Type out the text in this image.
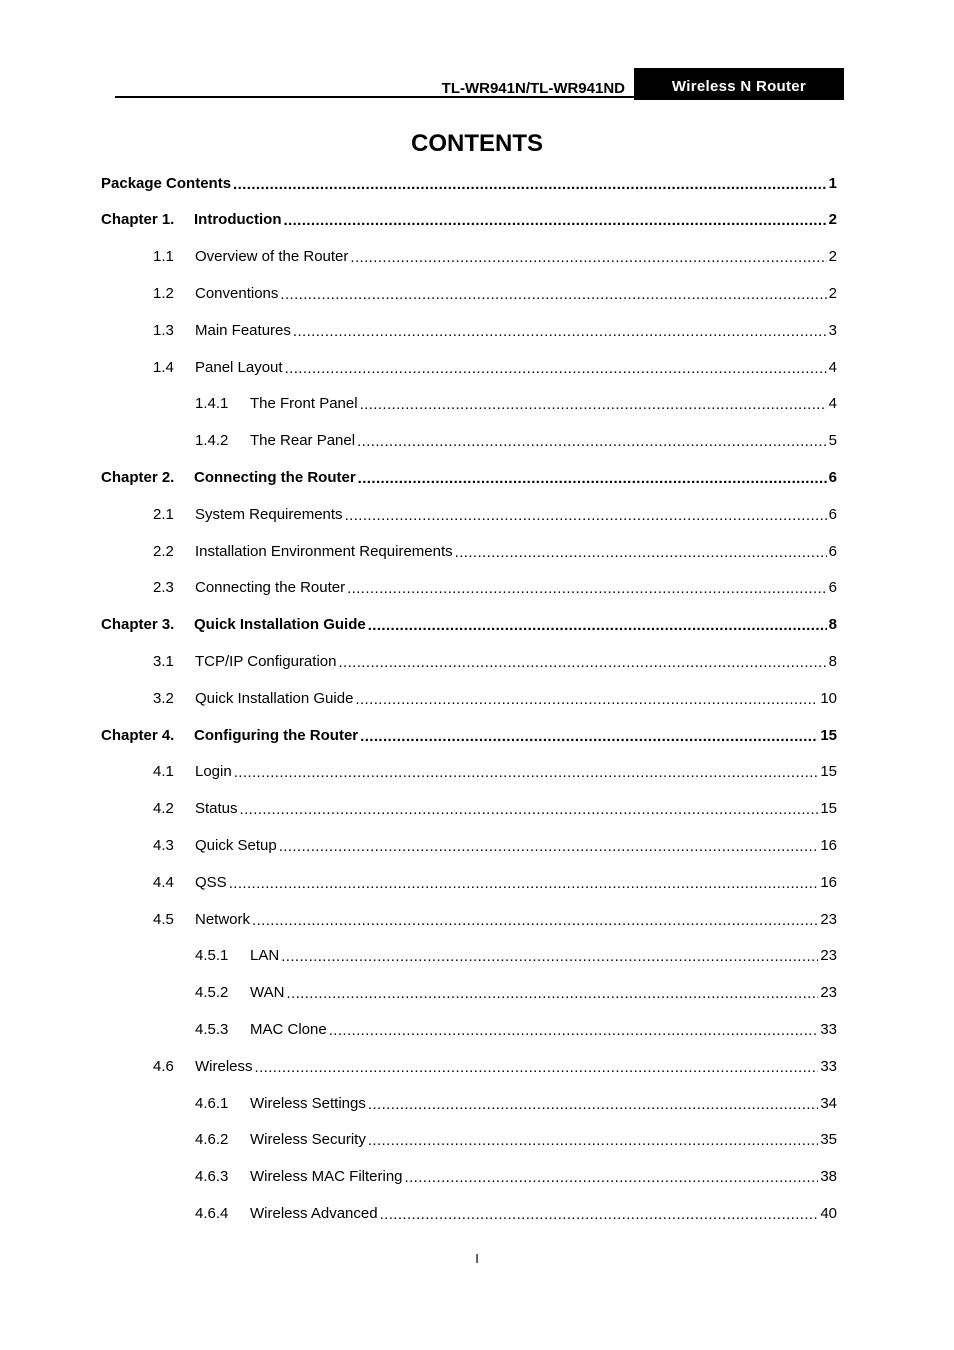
TL-WR941N/TL-WR941ND	Wireless N Router
CONTENTS
Package Contents .....	1
Chapter 1.	Introduction .....	2
1.1	Overview of the Router .....	2
1.2	Conventions .....	2
1.3	Main Features .....	3
1.4	Panel Layout .....	4
1.4.1	The Front Panel .....	4
1.4.2	The Rear Panel .....	5
Chapter 2.	Connecting the Router .....	6
2.1	System Requirements .....	6
2.2	Installation Environment Requirements .....	6
2.3	Connecting the Router .....	6
Chapter 3.	Quick Installation Guide .....	8
3.1	TCP/IP Configuration .....	8
3.2	Quick Installation Guide .....	10
Chapter 4.	Configuring the Router .....	15
4.1	Login .....	15
4.2	Status .....	15
4.3	Quick Setup .....	16
4.4	QSS .....	16
4.5	Network .....	23
4.5.1	LAN .....	23
4.5.2	WAN .....	23
4.5.3	MAC Clone .....	33
4.6	Wireless .....	33
4.6.1	Wireless Settings .....	34
4.6.2	Wireless Security .....	35
4.6.3	Wireless MAC Filtering .....	38
4.6.4	Wireless Advanced .....	40
I
